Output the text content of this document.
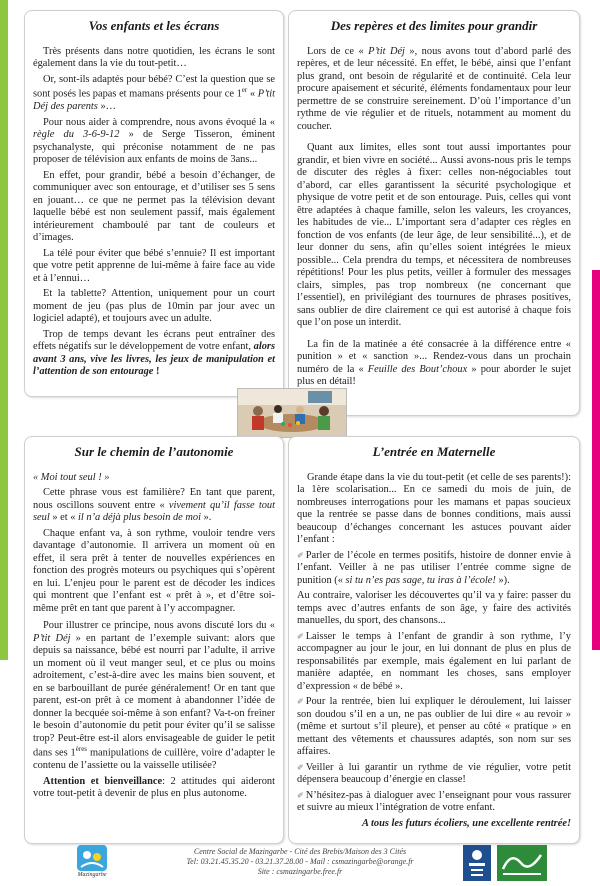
Vos enfants et les écrans

Très présents dans notre quotidien, les écrans le sont également dans la vie du tout-petit…

Or, sont-ils adaptés pour bébé? C’est la question que se sont posés les papas et mamans présents pour ce 1er « P’tit Déj des parents »…

Pour nous aider à comprendre, nous avons évoqué la « règle du 3-6-9-12 » de Serge Tisseron, éminent psychanalyste, qui préconise notamment de ne pas proposer de télévision aux enfants de moins de 3ans...

En effet, pour grandir, bébé a besoin d’échanger, de communiquer avec son entourage, et d’utiliser ses 5 sens en jouant… ce que ne permet pas la télévision devant laquelle bébé est non seulement passif, mais également intérieurement chamboulé par tant de couleurs et d’images.

La télé pour éviter que bébé s’ennuie? Il est important que votre petit apprenne de lui-même à faire face au vide et à l’ennui…

Et la tablette? Attention, uniquement pour un court moment de jeu (pas plus de 10min par jour avec un logiciel adapté), et toujours avec un adulte.

Trop de temps devant les écrans peut entraîner des effets négatifs sur le développement de votre enfant, alors avant 3 ans, vive les livres, les jeux de manipulation et l’attention de son entourage !

Des repères et des limites pour grandir

Lors de ce « P’tit Déj », nous avons tout d’abord parlé des repères, et de leur nécessité. En effet, le bébé, ainsi que l’enfant plus grand, ont besoin de régularité et de continuité. Cela leur procure apaisement et sécurité, éléments fondamentaux pour leur permettre de se construire sereinement. D’où l’importance d’un rythme de vie régulier et de rituels, notamment au moment du coucher.

Quant aux limites, elles sont tout aussi importantes pour grandir, et bien vivre en société... Aussi avons-nous pris le temps de discuter des règles à fixer: celles non-négociables tout d’abord, car elles garantissent la sécurité psychologique et physique de votre petit et de son entourage. Puis, celles qui vont être adaptées à chaque famille, selon les valeurs, les croyances, les habitudes de vie... L’important sera d’adapter ces règles en fonction de vos enfants (de leur âge, de leur sensibilité...), et de leur donner du sens, afin qu’elles soient intégrées le mieux possible... Cela prendra du temps, et nécessitera de nombreuses répétitions! Pour les plus petits, veiller à formuler des messages clairs, simples, pas trop nombreux (ne concernant que l’essentiel), en privilégiant des tournures de phrases positives, sans oublier de dire clairement ce qui est autorisé à chaque fois que l’on pose un interdit.

La fin de la matinée a été consacrée à la différence entre « punition » et « sanction »... Rendez-vous dans un prochain numéro de la « Feuille des Bout’choux » pour aborder le sujet plus en détail!

Sur le chemin de l’autonomie

« Moi tout seul ! »

Cette phrase vous est familière? En tant que parent, nous oscillons souvent entre « vivement qu’il fasse tout seul » et « il n’a déjà plus besoin de moi ».

Chaque enfant va, à son rythme, vouloir tendre vers davantage d’autonomie. Il arrivera un moment où en effet, il sera prêt à tenter de nouvelles expériences en fonction des progrès moteurs ou psychiques qui s’opèrent en lui. L’enjeu pour le parent est de décoder les indices qui montrent que l’enfant est « prêt à », et d’être soi-même prêt en tant que parent à l’y accompagner.

Pour illustrer ce principe, nous avons discuté lors du « P’tit Déj » en partant de l’exemple suivant: alors que depuis sa naissance, bébé est nourri par l’adulte, il arrive un moment où il veut manger seul, et ce plus ou moins adroitement, c’est-à-dire avec les mains bien souvent, et en se barbouillant de purée généralement! Or en tant que parent, est-on prêt à ce moment à abandonner l’idée de donner la becquée soi-même à son enfant? Va-t-on freiner le besoin d’autonomie du petit pour éviter qu’il se salisse trop? Peut-être est-il alors envisageable de guider le petit dans ses 1ères manipulations de cuillère, voire d’adapter le contenu de l’assiette ou la vaisselle utilisée?

Attention et bienveillance: 2 attitudes qui aideront votre tout-petit à devenir de plus en plus autonome.

L’entrée en Maternelle

Grande étape dans la vie du tout-petit (et celle de ses parents!): la 1ère scolarisation... En ce samedi du mois de juin, de nombreuses interrogations pour les mamans et papas soucieux que la rentrée se passe dans de bonnes conditions, mais aussi beaucoup d’échanges concernant les astuces pouvant aider l’enfant :

✐ Parler de l’école en termes positifs, histoire de donner envie à l’enfant. Veiller à ne pas utiliser l’entrée comme signe de punition (« si tu n’es pas sage, tu iras à l’école! »).

Au contraire, valoriser les découvertes qu’il va y faire: passer du temps avec d’autres enfants de son âge, y faire des activités manuelles, du sport, des chansons...

✐ Laisser le temps à l’enfant de grandir à son rythme, l’y accompagner au jour le jour, en lui donnant de plus en plus de responsabilités par exemple, mais également en lui parlant de manière adaptée, en nommant les choses, sans employer d’expression « de bébé ».

✐ Pour la rentrée, bien lui expliquer le déroulement, lui laisser son doudou s’il en a un, ne pas oublier de lui dire « au revoir » (même et surtout s’il pleure), et penser au côté « pratique » en mettant des vêtements et chaussures adaptés, son nom sur ses affaires.

✐ Veiller à lui garantir un rythme de vie régulier, votre petit dépensera beaucoup d’énergie en classe!

✐ N’hésitez-pas à dialoguer avec l’enseignant pour vous rassurer et suivre au mieux l’intégration de votre enfant.

A tous les futurs écoliers, une excellente rentrée!

Mazingarbe
Centre Social de Mazingarbe - Cité des Brebis/Maison des 3 Cités
Tel: 03.21.45.35.20 - 03.21.37.28.00 - Mail : csmazingarbe@orange.fr
Site : csmazingarbe.free.fr
